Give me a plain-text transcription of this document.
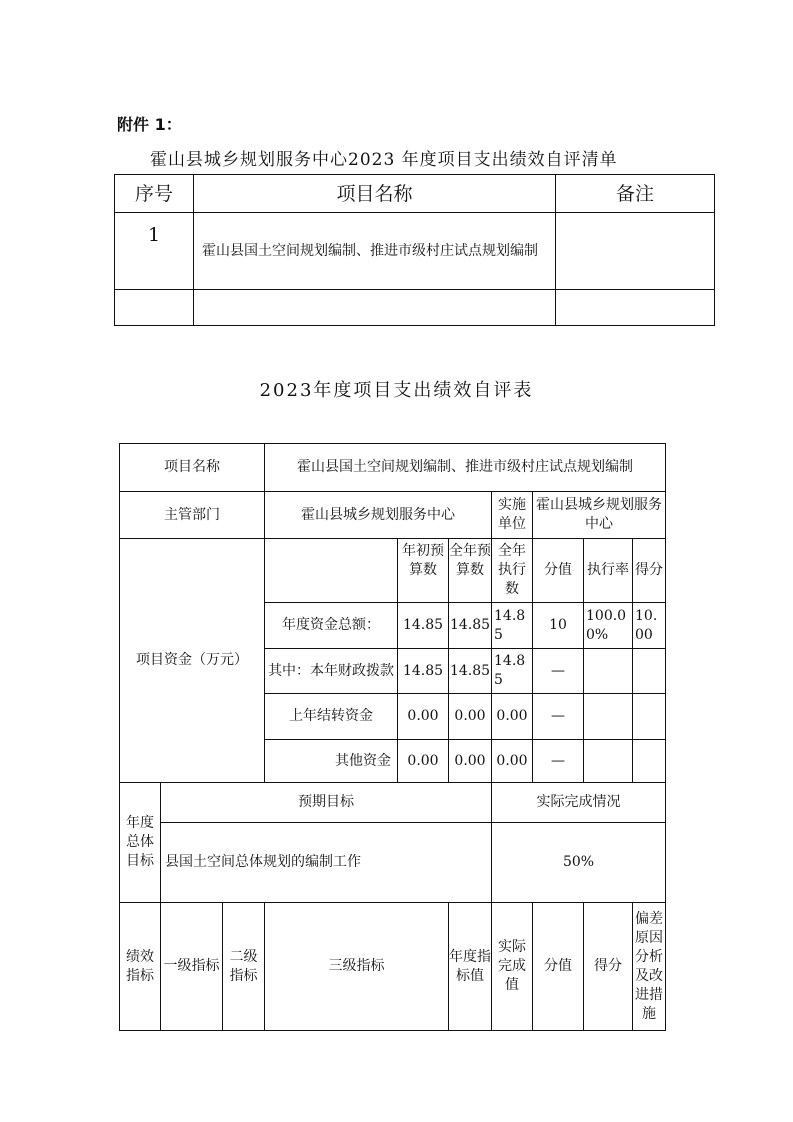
附件 1：
霍山县城乡规划服务中心2023 年度项目支出绩效自评清单
序号	项目名称	备注
1	霍山县国土空间规划编制、推进市级村庄试点规划编制	

2023年度项目支出绩效自评表
项目名称			霍山县国土空间规划编制、推进市级村庄试点规划编制						
主管部门			霍山县城乡规划服务中心			实施单位	霍山县城乡规划服务中心		
项目资金（万元）				年初预算数	全年预算数	全年执行数	分值	执行率	得分
			年度资金总额：	14.85	14.85	14.85	10	100.00%	10.00
			其中：本年财政拨款	14.85	14.85	14.85	—		
			上年结转资金	0.00	0.00	0.00	—		
			其他资金	0.00	0.00	0.00	—		
年度总体目标	预期目标					实际完成情况			
	县国土空间总体规划的编制工作					50%			
绩效指标	一级指标	二级指标	三级指标		年度指标值	实际完成值	分值	得分	偏差原因分析及改进措施
